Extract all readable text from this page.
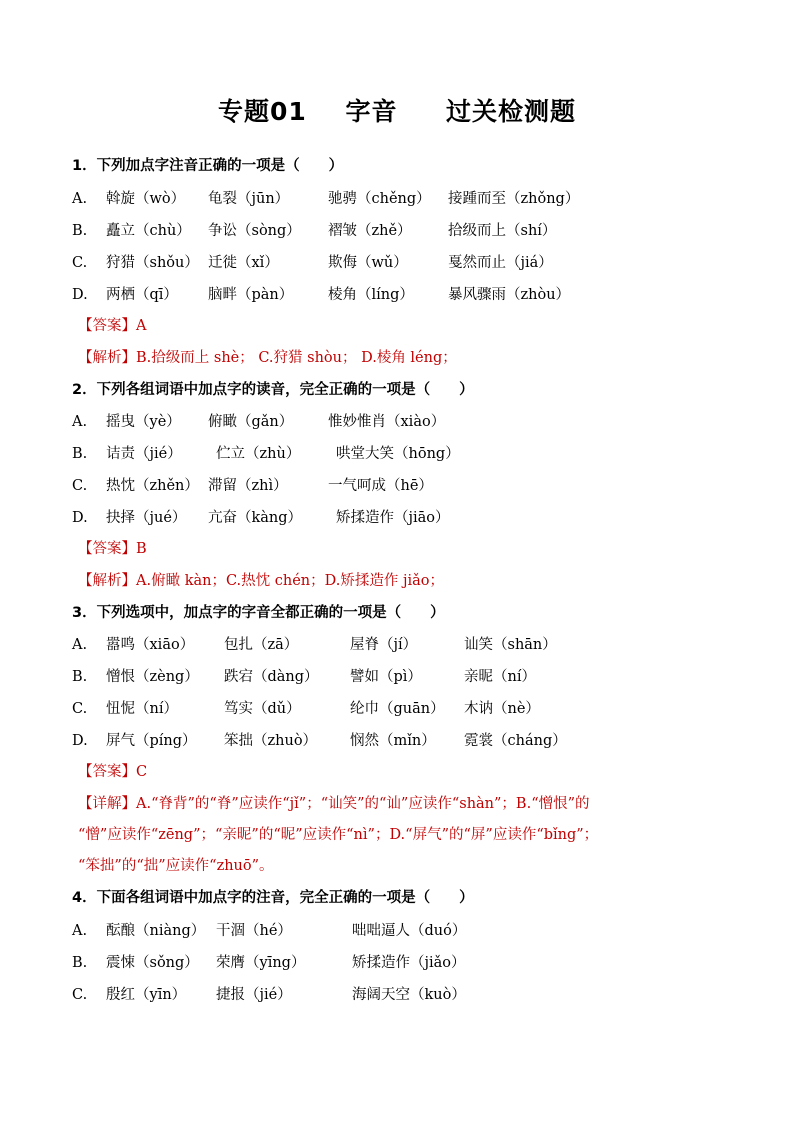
专题01    字音     过关检测题
1．下列加点字注音正确的一项是（　　）
A.	斡旋（wò）	龟裂（jūn）	驰骋（chěng）	接踵而至（zhǒng）
B.	矗立（chù）	争讼（sòng）	褶皱（zhě）	拾级而上（shí）
C.	狩猎（shǒu） 迁徙（xǐ）	欺侮（wǔ）	戛然而止（jiá）
D.	两栖（qī）	脑畔（pàn）	棱角（líng）	暴风骤雨（zhòu）
【答案】A
【解析】B.拾级而上 shè； C.狩猎 shòu； D.棱角 léng；
2．下列各组词语中加点字的读音，完全正确的一项是（　　）
A.	摇曳（yè）	俯瞰（gǎn）	惟妙惟肖（xiào）
B.	诘责（jié）	伫立（zhù）	哄堂大笑（hōng）
C.	热忱（zhěn） 滞留（zhì）	一气呵成（hē）
D.	抉择（jué）	亢奋（kàng）	矫揉造作（jiāo）
【答案】B
【解析】A.俯瞰 kàn；C.热忱 chén；D.矫揉造作 jiǎo；
3．下列选项中，加点字的字音全都正确的一项是（　　）
A.	嚣鸣（xiāo）	包扎（zā）	屋脊（jí）	讪笑（shān）
B.	憎恨（zèng）	跌宕（dàng）	譬如（pì）	亲昵（ní）
C.	忸怩（ní）	笃实（dǔ）	纶巾（guān）	木讷（nè）
D.	屏气（píng）	笨拙（zhuò）	悯然（mǐn）	霓裳（cháng）
【答案】C
【详解】A.“脊背”的“脊”应读作“jǐ”；“讪笑”的“讪”应读作“shàn”；B.“憎恨”的
“憎”应读作“zēng”；“亲昵”的“昵”应读作“nì”；D.“屏气”的“屏”应读作“bǐng”；
“笨拙”的“拙”应读作“zhuō”。
4．下面各组词语中加点字的注音，完全正确的一项是（　　）
A.	酝酿（niàng） 干涸（hé）	咄咄逼人（duó）
B.	震悚（sǒng）	荣膺（yīng）	矫揉造作（jiǎo）
C.	殷红（yīn）	捷报（jié）	海阔天空（kuò）
